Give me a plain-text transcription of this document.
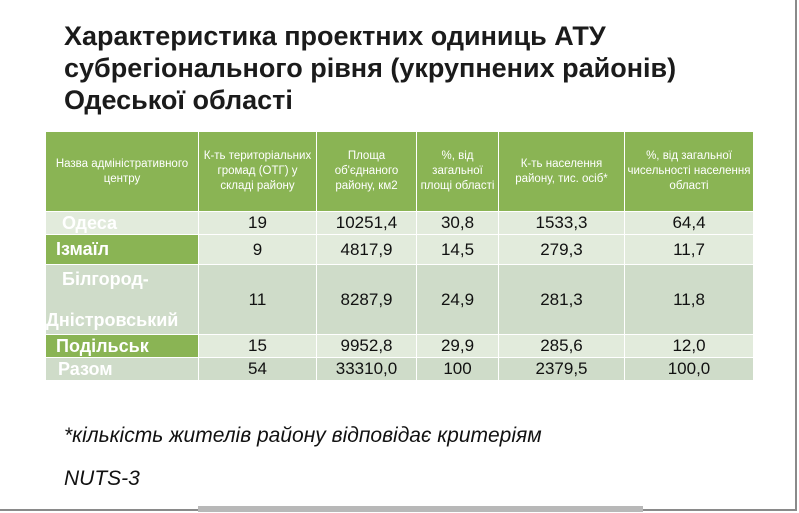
Характеристика проектних одиниць АТУ субрегіонального рівня (укрупнених районів) Одеської області
Назва адміністративного центру	К-ть територіальних громад (ОТГ) у складі району	Площа об'єднаного району, км2	%, від загальної площі області	К-ть населення району, тис. осіб*	%, від загальної чисельності населення області
Одеса	19	10251,4	30,8	1533,3	64,4
Ізмаїл	9	4817,9	14,5	279,3	11,7

Білгород-
Дністровський	11	8287,9	24,9	281,3	11,8
Подільськ	15	9952,8	29,9	285,6	12,0
Разом	54	33310,0	100	2379,5	100,0

*кількість жителів району відповідає критеріям

NUTS-3
